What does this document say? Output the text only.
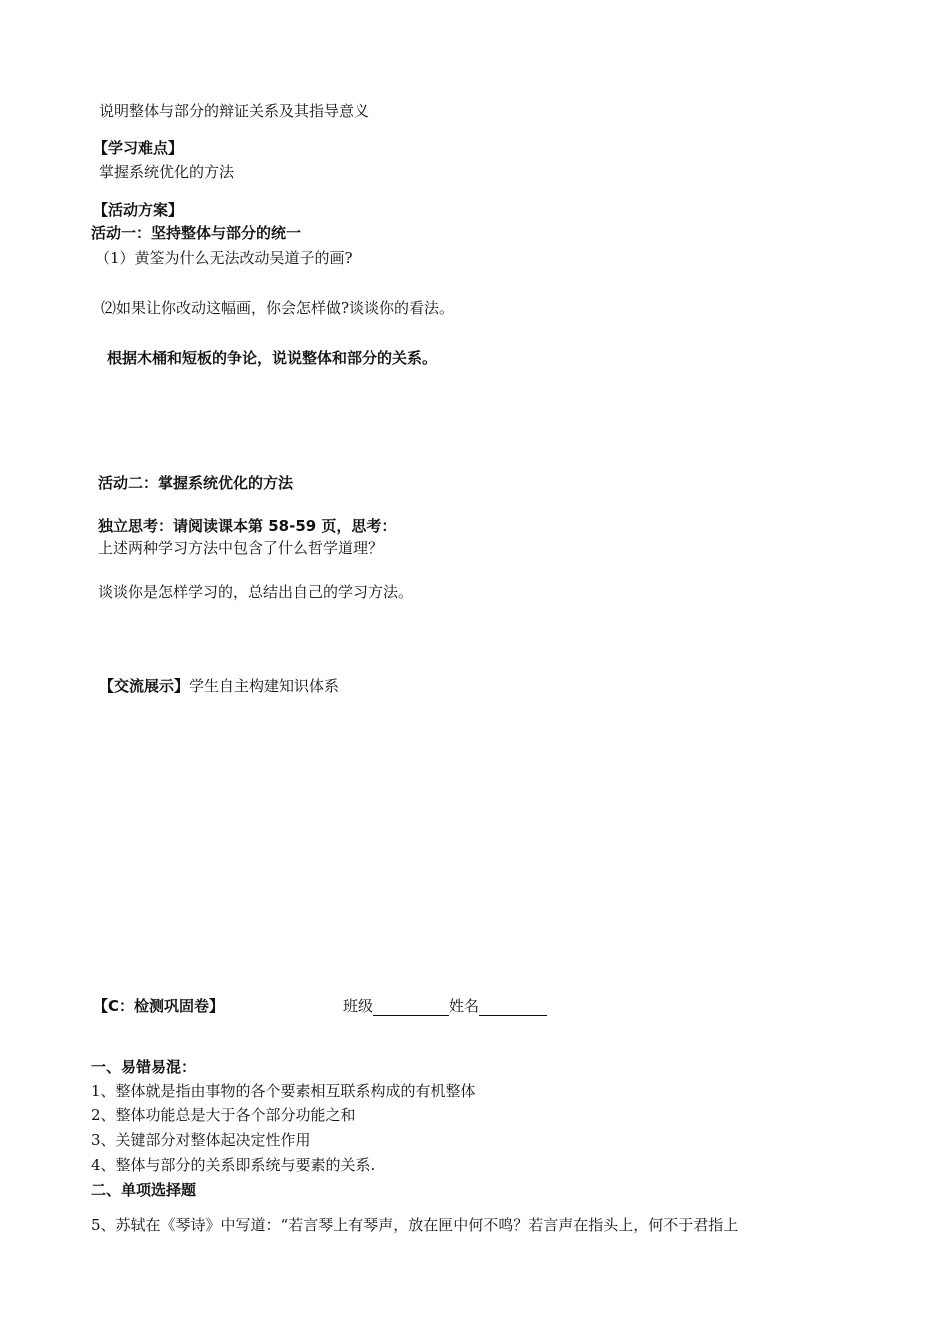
说明整体与部分的辩证关系及其指导意义
【学习难点】
掌握系统优化的方法
【活动方案】
活动一：坚持整体与部分的统一
（1）黄筌为什么无法改动吴道子的画?
⑵如果让你改动这幅画，你会怎样做?谈谈你的看法。
根据木桶和短板的争论，说说整体和部分的关系。
活动二：掌握系统优化的方法
独立思考：请阅读课本第 58-59 页，思考：
上述两种学习方法中包含了什么哲学道理？
谈谈你是怎样学习的，总结出自己的学习方法。
【交流展示】学生自主构建知识体系
【C：检测巩固卷】	班级	姓名
一、易错易混：
1、整体就是指由事物的各个要素相互联系构成的有机整体
2、整体功能总是大于各个部分功能之和
3、关键部分对整体起决定性作用
4、整体与部分的关系即系统与要素的关系.
二、单项选择题
5、苏轼在《琴诗》中写道：“若言琴上有琴声，放在匣中何不鸣？若言声在指头上，何不于君指上
